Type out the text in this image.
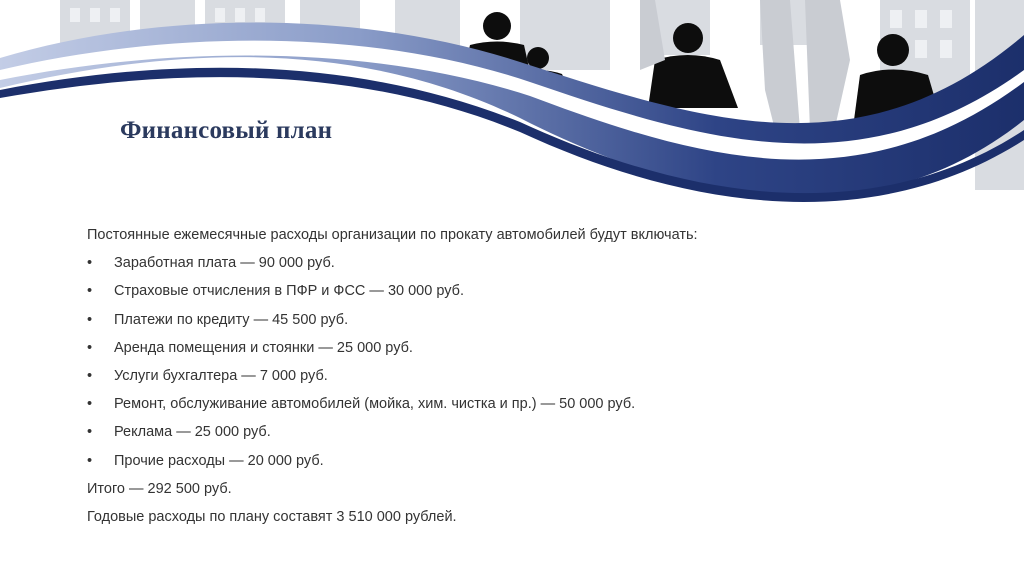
Финансовый план
Постоянные ежемесячные расходы организации по прокату автомобилей будут включать:
•	Заработная плата — 90 000 руб.
•	Страховые отчисления в ПФР и ФСС — 30 000 руб.
•	Платежи по кредиту — 45 500 руб.
•	Аренда помещения и стоянки — 25 000 руб.
•	Услуги бухгалтера — 7 000 руб.
•	Ремонт, обслуживание автомобилей (мойка, хим. чистка и пр.) — 50 000 руб.
•	Реклама — 25 000 руб.
•	Прочие расходы — 20 000 руб.
Итого — 292 500 руб.
Годовые расходы по плану составят 3 510 000 рублей.
